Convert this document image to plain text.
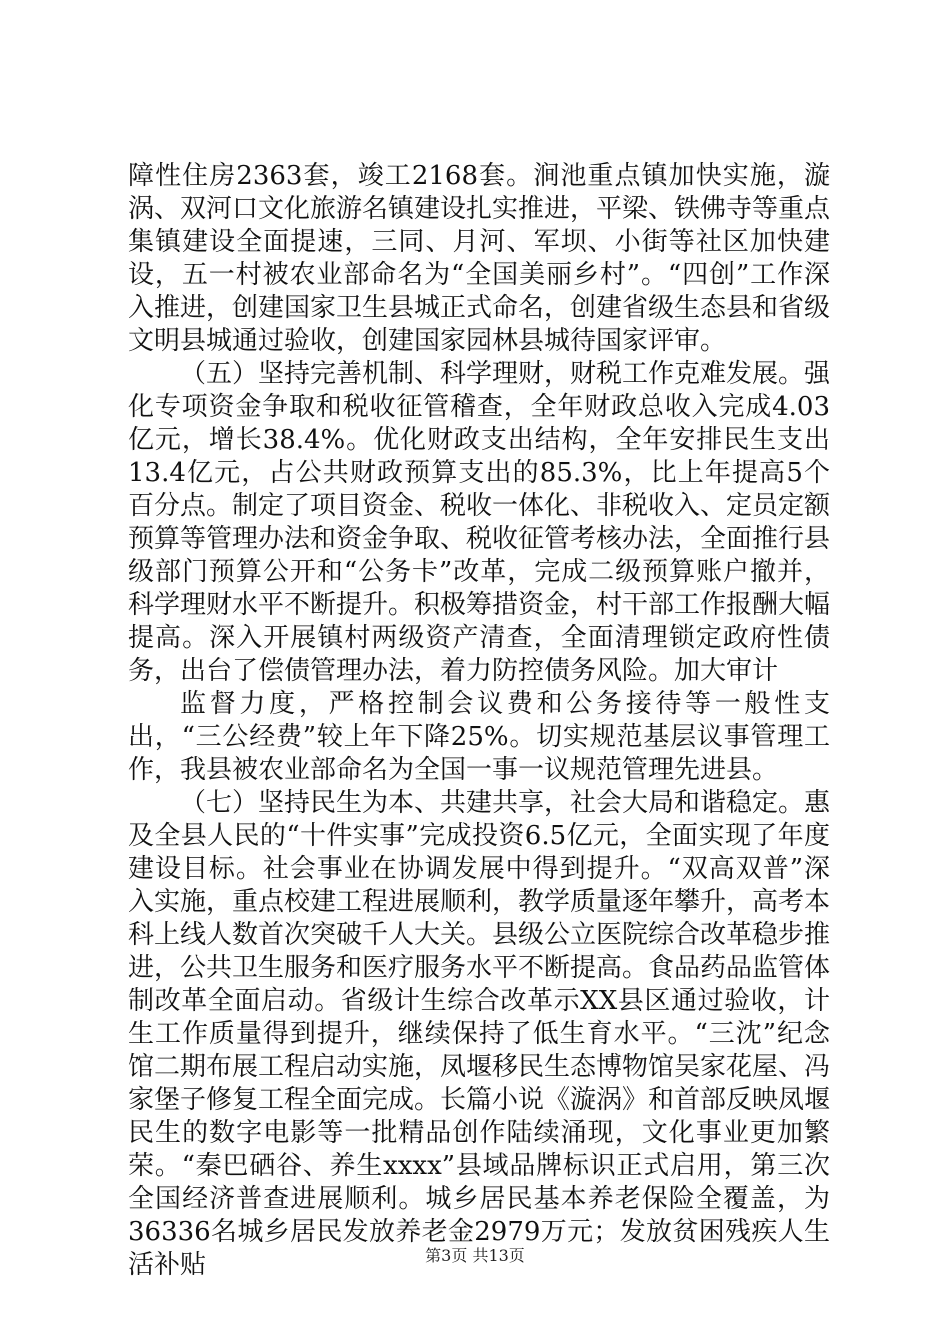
障性住房2363套，竣工2168套。涧池重点镇加快实施，漩涡、双河口文化旅游名镇建设扎实推进，平梁、铁佛寺等重点集镇建设全面提速，三同、月河、军坝、小街等社区加快建设，五一村被农业部命名为“全国美丽乡村”。“四创”工作深入推进，创建国家卫生县城正式命名，创建省级生态县和省级文明县城通过验收，创建国家园林县城待国家评审。

（五）坚持完善机制、科学理财，财税工作克难发展。强化专项资金争取和税收征管稽查，全年财政总收入完成4.03亿元，增长38.4%。优化财政支出结构，全年安排民生支出13.4亿元，占公共财政预算支出的85.3%，比上年提高5个百分点。制定了项目资金、税收一体化、非税收入、定员定额预算等管理办法和资金争取、税收征管考核办法，全面推行县级部门预算公开和“公务卡”改革，完成二级预算账户撤并，科学理财水平不断提升。积极筹措资金，村干部工作报酬大幅提高。深入开展镇村两级资产清查，全面清理锁定政府性债务，出台了偿债管理办法，着力防控债务风险。加大审计

监督力度，严格控制会议费和公务接待等一般性支出，“三公经费”较上年下降25%。切实规范基层议事管理工作，我县被农业部命名为全国一事一议规范管理先进县。

（七）坚持民生为本、共建共享，社会大局和谐稳定。惠及全县人民的“十件实事”完成投资6.5亿元，全面实现了年度建设目标。社会事业在协调发展中得到提升。“双高双普”深入实施，重点校建工程进展顺利，教学质量逐年攀升，高考本科上线人数首次突破千人大关。县级公立医院综合改革稳步推进，公共卫生服务和医疗服务水平不断提高。食品药品监管体制改革全面启动。省级计生综合改革示XX县区通过验收，计生工作质量得到提升，继续保持了低生育水平。“三沈”纪念馆二期布展工程启动实施，凤堰移民生态博物馆吴家花屋、冯家堡子修复工程全面完成。长篇小说《漩涡》和首部反映凤堰民生的数字电影等一批精品创作陆续涌现，文化事业更加繁荣。“秦巴硒谷、养生xxxx”县域品牌标识正式启用，第三次全国经济普查进展顺利。城乡居民基本养老保险全覆盖，为36336名城乡居民发放养老金2979万元；发放贫困残疾人生活补贴	第3页 共13页
